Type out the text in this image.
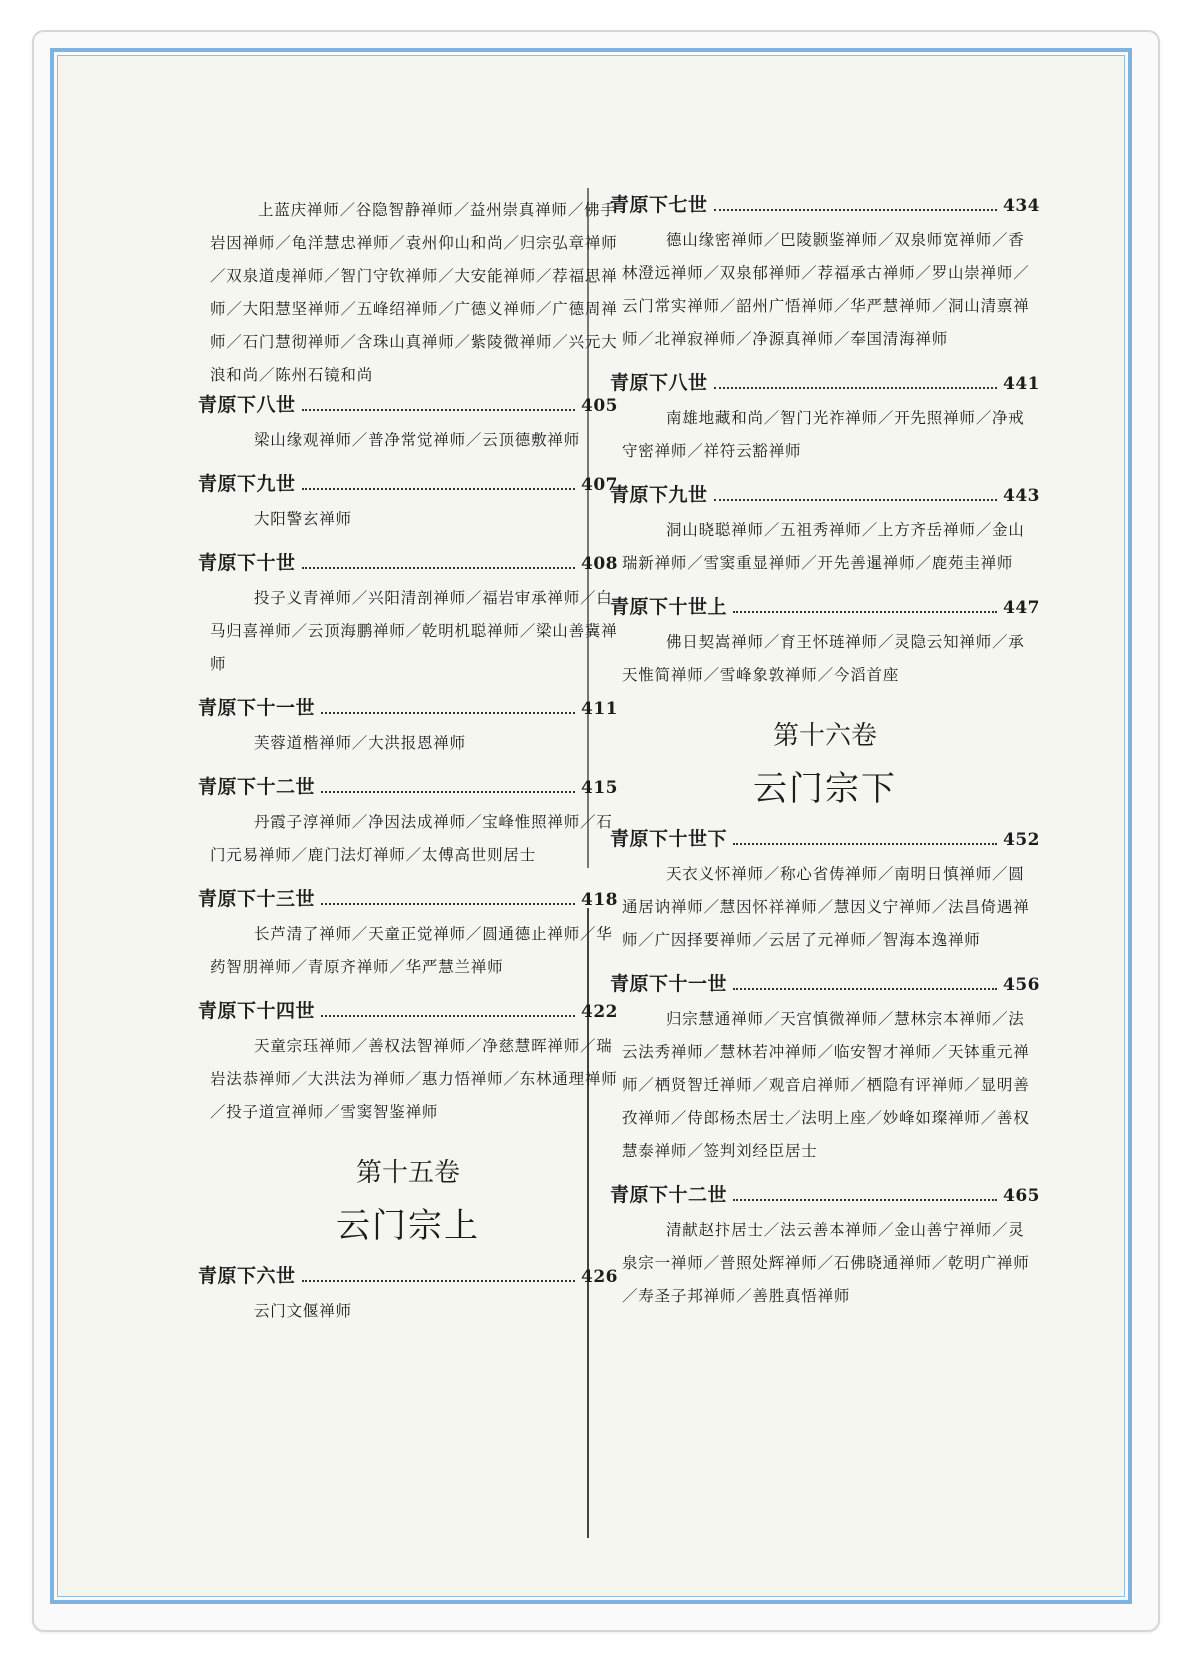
上蓝庆禅师／谷隐智静禅师／益州崇真禅师／佛手岩因禅师／龟洋慧忠禅师／袁州仰山和尚／归宗弘章禅师／双泉道虔禅师／智门守钦禅师／大安能禅师／荐福思禅师／大阳慧坚禅师／五峰绍禅师／广德义禅师／广德周禅师／石门慧彻禅师／含珠山真禅师／紫陵微禅师／兴元大浪和尚／陈州石镜和尚
青原下八世	405
梁山缘观禅师／普净常觉禅师／云顶德敷禅师
青原下九世	407
大阳警玄禅师
青原下十世	408
投子义青禅师／兴阳清剖禅师／福岩审承禅师／白马归喜禅师／云顶海鹏禅师／乾明机聪禅师／梁山善冀禅师
青原下十一世	411
芙蓉道楷禅师／大洪报恩禅师
青原下十二世	415
丹霞子淳禅师／净因法成禅师／宝峰惟照禅师／石门元易禅师／鹿门法灯禅师／太傅高世则居士
青原下十三世	418
长芦清了禅师／天童正觉禅师／圆通德止禅师／华药智朋禅师／青原齐禅师／华严慧兰禅师
青原下十四世	422
天童宗珏禅师／善权法智禅师／净慈慧晖禅师／瑞岩法恭禅师／大洪法为禅师／惠力悟禅师／东林通理禅师／投子道宣禅师／雪窦智鉴禅师
第十五卷
云门宗上
青原下六世	426
云门文偃禅师
青原下七世	434
德山缘密禅师／巴陵颢鉴禅师／双泉师宽禅师／香林澄远禅师／双泉郁禅师／荐福承古禅师／罗山崇禅师／云门常实禅师／韶州广悟禅师／华严慧禅师／洞山清禀禅师／北禅寂禅师／净源真禅师／奉国清海禅师
青原下八世	441
南雄地藏和尚／智门光祚禅师／开先照禅师／净戒守密禅师／祥符云豁禅师
青原下九世	443
洞山晓聪禅师／五祖秀禅师／上方齐岳禅师／金山瑞新禅师／雪窦重显禅师／开先善暹禅师／鹿苑圭禅师
青原下十世上	447
佛日契嵩禅师／育王怀琏禅师／灵隐云知禅师／承天惟简禅师／雪峰象敦禅师／今滔首座
第十六卷
云门宗下
青原下十世下	452
天衣义怀禅师／称心省俦禅师／南明日慎禅师／圆通居讷禅师／慧因怀祥禅师／慧因义宁禅师／法昌倚遇禅师／广因择要禅师／云居了元禅师／智海本逸禅师
青原下十一世	456
归宗慧通禅师／天宫慎微禅师／慧林宗本禅师／法云法秀禅师／慧林若冲禅师／临安智才禅师／天钵重元禅师／栖贤智迁禅师／观音启禅师／栖隐有评禅师／显明善孜禅师／侍郎杨杰居士／法明上座／妙峰如璨禅师／善权慧泰禅师／签判刘经臣居士
青原下十二世	465
清献赵抃居士／法云善本禅师／金山善宁禅师／灵泉宗一禅师／普照处辉禅师／石佛晓通禅师／乾明广禅师／寿圣子邦禅师／善胜真悟禅师
